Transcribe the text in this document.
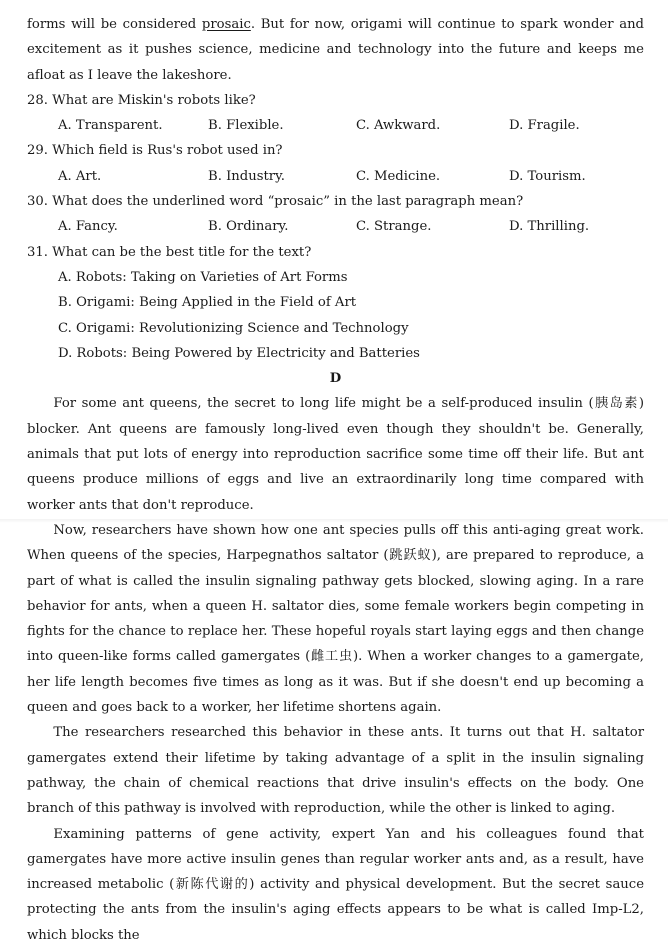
forms will be considered prosaic. But for now, origami will continue to spark wonder and excitement as it pushes science, medicine and technology into the future and keeps me afloat as I leave the lakeshore.

28. What are Miskin's robots like?

A. Transparent.	B. Flexible.	C. Awkward.	D. Fragile.

29. Which field is Rus's robot used in?

A. Art.	B. Industry.	C. Medicine.	D. Tourism.

30. What does the underlined word “prosaic” in the last paragraph mean?

A. Fancy.	B. Ordinary.	C. Strange.	D. Thrilling.

31. What can be the best title for the text?

A. Robots: Taking on Varieties of Art Forms
B. Origami: Being Applied in the Field of Art
C. Origami: Revolutionizing Science and Technology
D. Robots: Being Powered by Electricity and Batteries

D

For some ant queens, the secret to long life might be a self-produced insulin (胰岛素) blocker. Ant queens are famously long-lived even though they shouldn't be. Generally, animals that put lots of energy into reproduction sacrifice some time off their life. But ant queens produce millions of eggs and live an extraordinarily long time compared with worker ants that don't reproduce.

Now, researchers have shown how one ant species pulls off this anti-aging great work. When queens of the species, Harpegnathos saltator (跳跃蚁), are prepared to reproduce, a part of what is called the insulin signaling pathway gets blocked, slowing aging. In a rare behavior for ants, when a queen H. saltator dies, some female workers begin competing in fights for the chance to replace her. These hopeful royals start laying eggs and then change into queen-like forms called gamergates (雌工虫). When a worker changes to a gamergate, her life length becomes five times as long as it was. But if she doesn't end up becoming a queen and goes back to a worker, her lifetime shortens again.

The researchers researched this behavior in these ants. It turns out that H. saltator gamergates extend their lifetime by taking advantage of a split in the insulin signaling pathway, the chain of chemical reactions that drive insulin's effects on the body. One branch of this pathway is involved with reproduction, while the other is linked to aging.

Examining patterns of gene activity, expert Yan and his colleagues found that gamergates have more active insulin genes than regular worker ants and, as a result, have increased metabolic (新陈代谢的) activity and physical development. But the secret sauce protecting the ants from the insulin's aging effects appears to be what is called Imp-L2, which blocks the
